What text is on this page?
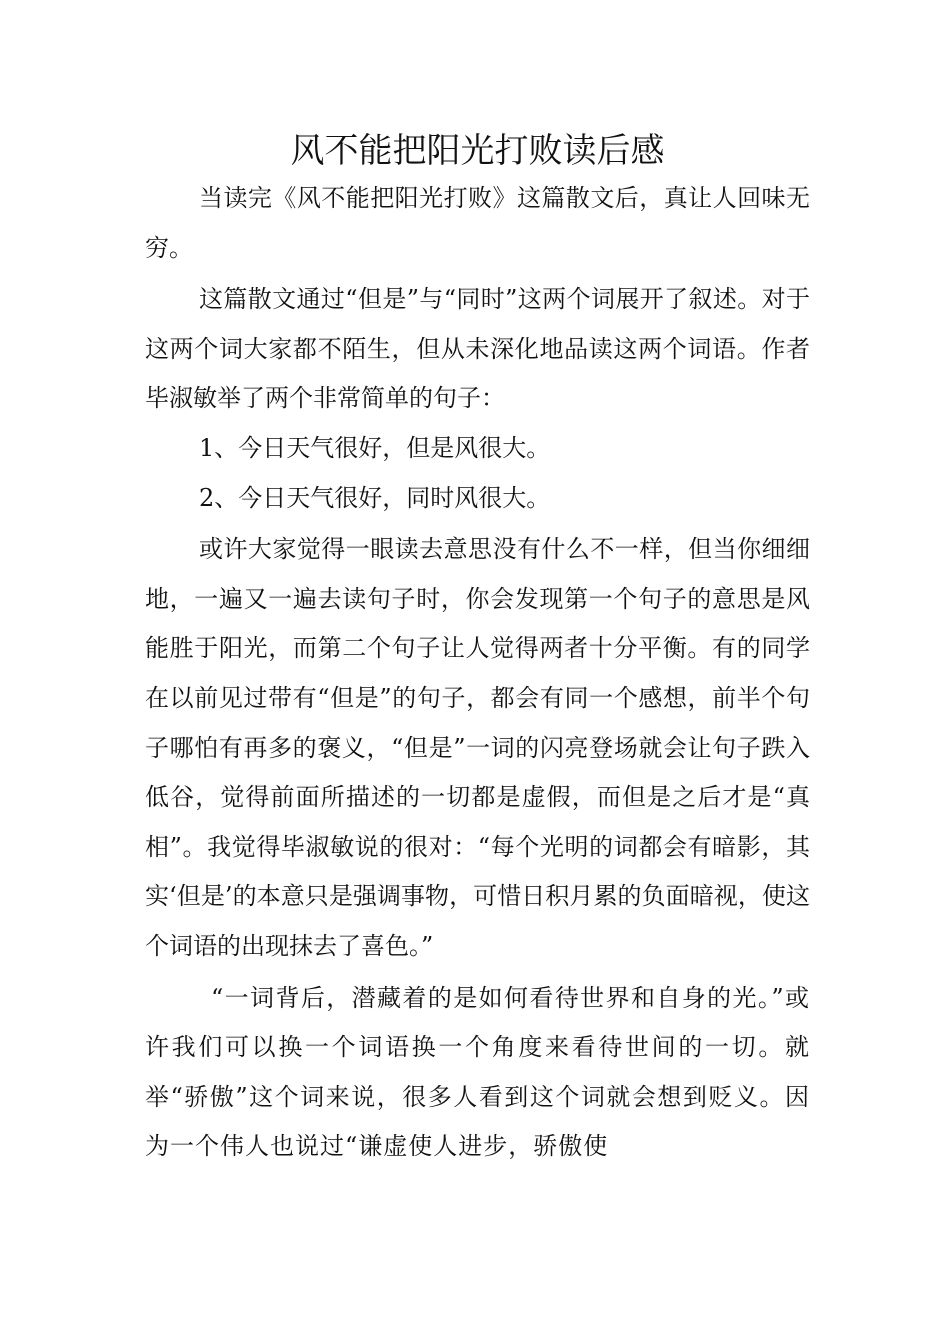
风不能把阳光打败读后感

当读完《风不能把阳光打败》这篇散文后，真让人回味无穷。

这篇散文通过“但是”与“同时”这两个词展开了叙述。对于这两个词大家都不陌生，但从未深化地品读这两个词语。作者毕淑敏举了两个非常简单的句子：

1、今日天气很好，但是风很大。

2、今日天气很好，同时风很大。

或许大家觉得一眼读去意思没有什么不一样，但当你细细地，一遍又一遍去读句子时，你会发现第一个句子的意思是风能胜于阳光，而第二个句子让人觉得两者十分平衡。有的同学在以前见过带有“但是”的句子，都会有同一个感想，前半个句子哪怕有再多的褒义，“但是”一词的闪亮登场就会让句子跌入低谷，觉得前面所描述的一切都是虚假，而但是之后才是“真相”。我觉得毕淑敏说的很对：“每个光明的词都会有暗影，其实‘但是’的本意只是强调事物，可惜日积月累的负面暗视，使这个词语的出现抹去了喜色。”

“一词背后，潜藏着的是如何看待世界和自身的光。”或许我们可以换一个词语换一个角度来看待世间的一切。就举“骄傲”这个词来说，很多人看到这个词就会想到贬义。因为一个伟人也说过“谦虚使人进步，骄傲使
